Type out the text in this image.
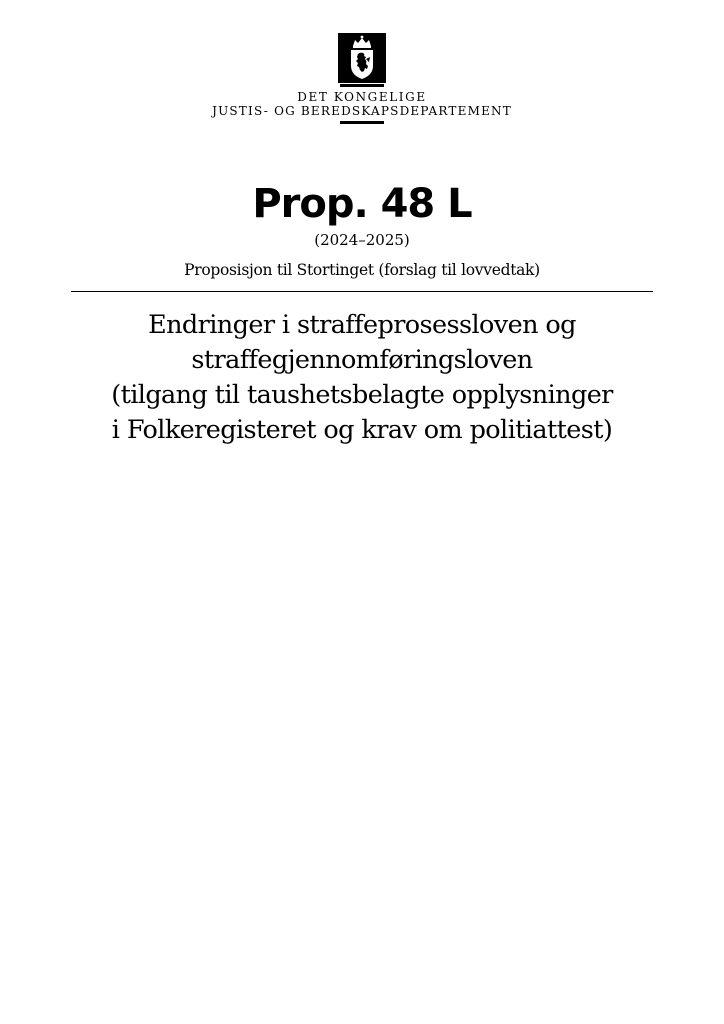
DET KONGELIGE
JUSTIS- OG BEREDSKAPSDEPARTEMENT
Prop. 48 L
(2024–2025)
Proposisjon til Stortinget (forslag til lovvedtak)
Endringer i straffeprosessloven og
straffegjennomføringsloven
(tilgang til taushetsbelagte opplysninger
i Folkeregisteret og krav om politiattest)
